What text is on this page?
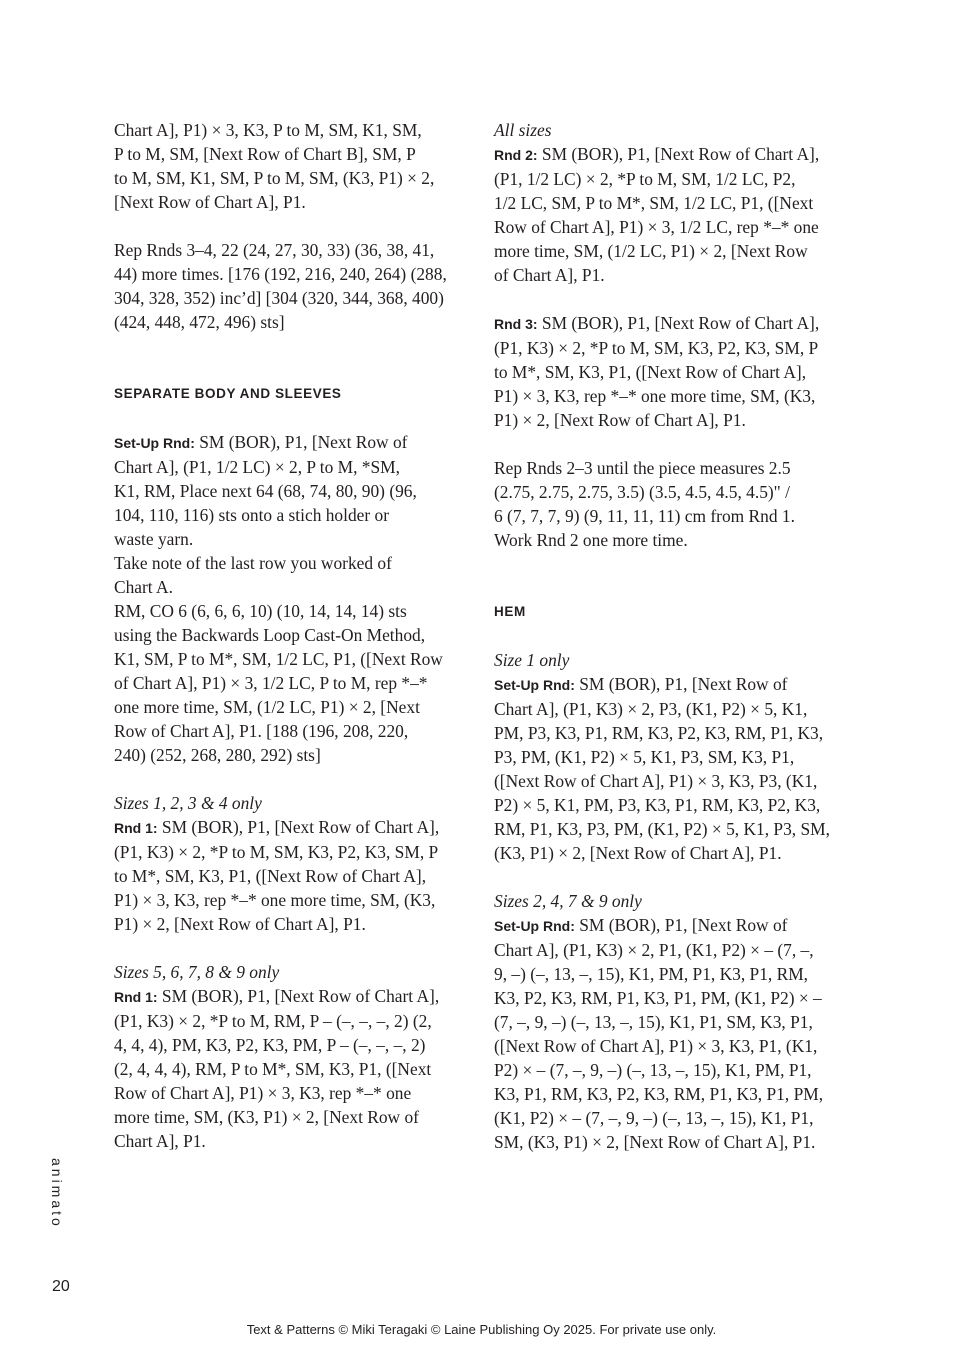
Chart A], P1) × 3, K3, P to M, SM, K1, SM,
P to M, SM, [Next Row of Chart B], SM, P
to M, SM, K1, SM, P to M, SM, (K3, P1) × 2,
[Next Row of Chart A], P1.

Rep Rnds 3–4, 22 (24, 27, 30, 33) (36, 38, 41,
44) more times. [176 (192, 216, 240, 264) (288,
304, 328, 352) inc’d] [304 (320, 344, 368, 400)
(424, 448, 472, 496) sts]

SEPARATE BODY AND SLEEVES

Set-Up Rnd: SM (BOR), P1, [Next Row of
Chart A], (P1, 1/2 LC) × 2, P to M, *SM,
K1, RM, Place next 64 (68, 74, 80, 90) (96,
104, 110, 116) sts onto a stich holder or
waste yarn.
Take note of the last row you worked of
Chart A.
RM, CO 6 (6, 6, 6, 10) (10, 14, 14, 14) sts
using the Backwards Loop Cast-On Method,
K1, SM, P to M*, SM, 1/2 LC, P1, ([Next Row
of Chart A], P1) × 3, 1/2 LC, P to M, rep *–*
one more time, SM, (1/2 LC, P1) × 2, [Next
Row of Chart A], P1. [188 (196, 208, 220,
240) (252, 268, 280, 292) sts]

Sizes 1, 2, 3 & 4 only
Rnd 1: SM (BOR), P1, [Next Row of Chart A],
(P1, K3) × 2, *P to M, SM, K3, P2, K3, SM, P
to M*, SM, K3, P1, ([Next Row of Chart A],
P1) × 3, K3, rep *–* one more time, SM, (K3,
P1) × 2, [Next Row of Chart A], P1.

Sizes 5, 6, 7, 8 & 9 only
Rnd 1: SM (BOR), P1, [Next Row of Chart A],
(P1, K3) × 2, *P to M, RM, P – (–, –, –, 2) (2,
4, 4, 4), PM, K3, P2, K3, PM, P – (–, –, –, 2)
(2, 4, 4, 4), RM, P to M*, SM, K3, P1, ([Next
Row of Chart A], P1) × 3, K3, rep *–* one
more time, SM, (K3, P1) × 2, [Next Row of
Chart A], P1.

All sizes
Rnd 2: SM (BOR), P1, [Next Row of Chart A],
(P1, 1/2 LC) × 2, *P to M, SM, 1/2 LC, P2,
1/2 LC, SM, P to M*, SM, 1/2 LC, P1, ([Next
Row of Chart A], P1) × 3, 1/2 LC, rep *–* one
more time, SM, (1/2 LC, P1) × 2, [Next Row
of Chart A], P1.

Rnd 3: SM (BOR), P1, [Next Row of Chart A],
(P1, K3) × 2, *P to M, SM, K3, P2, K3, SM, P
to M*, SM, K3, P1, ([Next Row of Chart A],
P1) × 3, K3, rep *–* one more time, SM, (K3,
P1) × 2, [Next Row of Chart A], P1.

Rep Rnds 2–3 until the piece measures 2.5
(2.75, 2.75, 2.75, 3.5) (3.5, 4.5, 4.5, 4.5)" /
6 (7, 7, 7, 9) (9, 11, 11, 11) cm from Rnd 1.
Work Rnd 2 one more time.

HEM

Size 1 only
Set-Up Rnd: SM (BOR), P1, [Next Row of
Chart A], (P1, K3) × 2, P3, (K1, P2) × 5, K1,
PM, P3, K3, P1, RM, K3, P2, K3, RM, P1, K3,
P3, PM, (K1, P2) × 5, K1, P3, SM, K3, P1,
([Next Row of Chart A], P1) × 3, K3, P3, (K1,
P2) × 5, K1, PM, P3, K3, P1, RM, K3, P2, K3,
RM, P1, K3, P3, PM, (K1, P2) × 5, K1, P3, SM,
(K3, P1) × 2, [Next Row of Chart A], P1.

Sizes 2, 4, 7 & 9 only
Set-Up Rnd: SM (BOR), P1, [Next Row of
Chart A], (P1, K3) × 2, P1, (K1, P2) × – (7, –,
9, –) (–, 13, –, 15), K1, PM, P1, K3, P1, RM,
K3, P2, K3, RM, P1, K3, P1, PM, (K1, P2) × –
(7, –, 9, –) (–, 13, –, 15), K1, P1, SM, K3, P1,
([Next Row of Chart A], P1) × 3, K3, P1, (K1,
P2) × – (7, –, 9, –) (–, 13, –, 15), K1, PM, P1,
K3, P1, RM, K3, P2, K3, RM, P1, K3, P1, PM,
(K1, P2) × – (7, –, 9, –) (–, 13, –, 15), K1, P1,
SM, (K3, P1) × 2, [Next Row of Chart A], P1.

animato
20
Text & Patterns © Miki Teragaki © Laine Publishing Oy 2025. For private use only.
